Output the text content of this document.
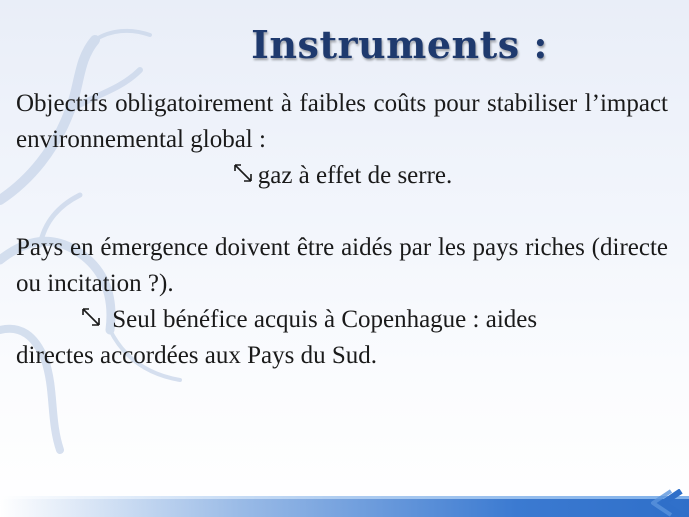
Instruments :

Objectifs obligatoirement à faibles coûts pour stabiliser l’impact environnemental global :

gaz à effet de serre.

Pays en émergence doivent être aidés par les pays riches (directe ou incitation ?).

Seul bénéfice acquis à Copenhague : aides

directes accordées aux Pays du Sud.
